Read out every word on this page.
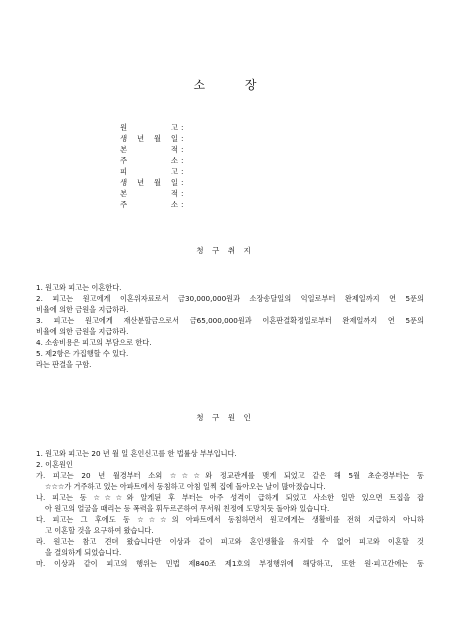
소	장
원 고 :
생 년 월 일 :
본 적 :
주 소 :
피 고 :
생 년 월 일 :
본 적 :
주 소 :
청 구 취 지
1. 원고와 피고는 이혼한다.
2. 피고는 원고에게 이혼위자료로서 금30,000,000원과 소장송달일의 익일로부터 완제일까지 연 5푼의
비율에 의한 금원을 지급하라.
3. 피고는 원고에게 재산분할금으로서 금65,000,000원과 이혼판결확정일로부터 완제일까지 연 5푼의
비율에 의한 금원을 지급하라.
4. 소송비용은 피고의 부담으로 한다.
5. 제2항은 가집행할 수 있다.
라는 판결을 구함.
청 구 원 인
1. 원고와 피고는 20 년 월 일 혼인신고를 한 법률상 부부입니다.
2. 이혼원인
가. 피고는 20 년 월경부터 소외 ☆☆☆와 정교관계를 맺게 되었고 같은 해 5월 초순경부터는 동
☆☆☆가 거주하고 있는 아파트에서 동침하고 아침 일찍 집에 돌아오는 날이 많아졌습니다.
나. 피고는 동 ☆☆☆와 알게된 후 부터는 아주 성격이 급하게 되었고 사소한 일만 있으면 트집을 잡
아 원고의 얼굴을 때리는 등 폭력을 휘두르곤하여 무서워 친정에 도망치듯 돌아와 있습니다.
다. 피고는 그 후에도 동 ☆☆☆의 아파트에서 동침하면서 원고에게는 생활비를 전혀 지급하지 아니하
고 이혼할 것을 요구하여 왔습니다.
라. 원고는 참고 견뎌 왔습니다만 이상과 같이 피고와 혼인생활을 유지할 수 없어 피고와 이혼할 것
을 결의하게 되었습니다.
마. 이상과 같이 피고의 행위는 민법 제840조 제1호의 부정행위에 해당하고, 또한 원·피고간에는 동
